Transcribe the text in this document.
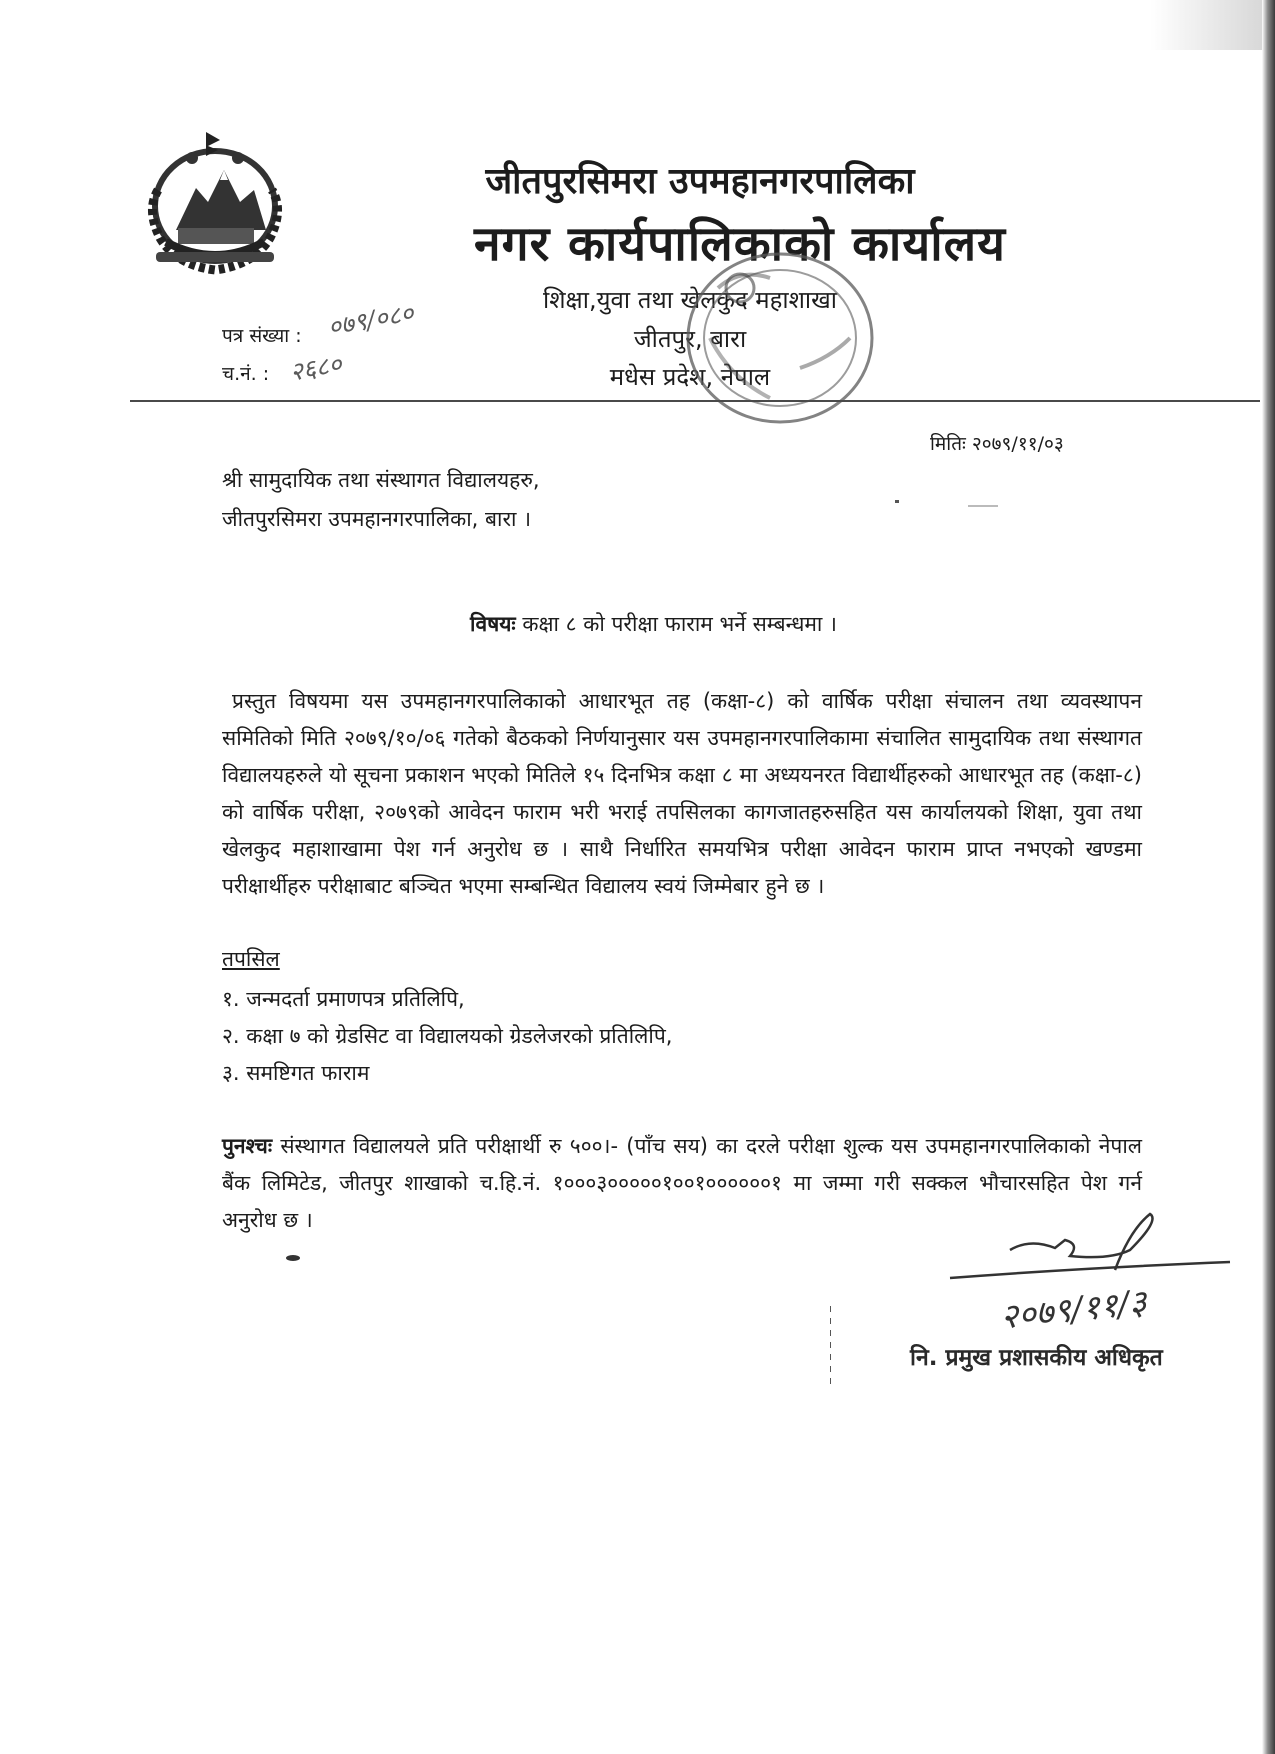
जीतपुरसिमरा उपमहानगरपालिका
नगर कार्यपालिकाको कार्यालय
शिक्षा,युवा तथा खेलकुद महाशाखा
जीतपुर, बारा
मधेस प्रदेश, नेपाल
पत्र संख्या : ०७९/०८०
च.नं. : २६८०
मितिः २०७९/११/०३
श्री सामुदायिक तथा संस्थागत विद्यालयहरु,
जीतपुरसिमरा उपमहानगरपालिका, बारा ।
विषयः कक्षा ८ को परीक्षा फाराम भर्ने सम्बन्धमा ।
प्रस्तुत विषयमा यस उपमहानगरपालिकाको आधारभूत तह (कक्षा-८) को वार्षिक परीक्षा संचालन तथा व्यवस्थापन समितिको मिति २०७९/१०/०६ गतेको बैठकको निर्णयानुसार यस उपमहानगरपालिकामा संचालित सामुदायिक तथा संस्थागत विद्यालयहरुले यो सूचना प्रकाशन भएको मितिले १५ दिनभित्र कक्षा ८ मा अध्ययनरत विद्यार्थीहरुको आधारभूत तह (कक्षा-८) को वार्षिक परीक्षा, २०७९को आवेदन फाराम भरी भराई तपसिलका कागजातहरुसहित यस कार्यालयको शिक्षा, युवा तथा खेलकुद महाशाखामा पेश गर्न अनुरोध छ । साथै निर्धारित समयभित्र परीक्षा आवेदन फाराम प्राप्त नभएको खण्डमा परीक्षार्थीहरु परीक्षाबाट बञ्चित भएमा सम्बन्धित विद्यालय स्वयं जिम्मेबार हुने छ ।
तपसिल
१. जन्मदर्ता प्रमाणपत्र प्रतिलिपि,
२. कक्षा ७ को ग्रेडसिट वा विद्यालयको ग्रेडलेजरको प्रतिलिपि,
३. समष्टिगत फाराम
पुनश्चः संस्थागत विद्यालयले प्रति परीक्षार्थी रु ५००।- (पाँच सय) का दरले परीक्षा शुल्क यस उपमहानगरपालिकाको नेपाल बैंक लिमिटेड, जीतपुर शाखाको च.हि.नं. १०००३०००००१००१००००००१ मा जम्मा गरी सक्कल भौचारसहित पेश गर्न अनुरोध छ ।
२०७९/११/३
नि. प्रमुख प्रशासकीय अधिकृत
